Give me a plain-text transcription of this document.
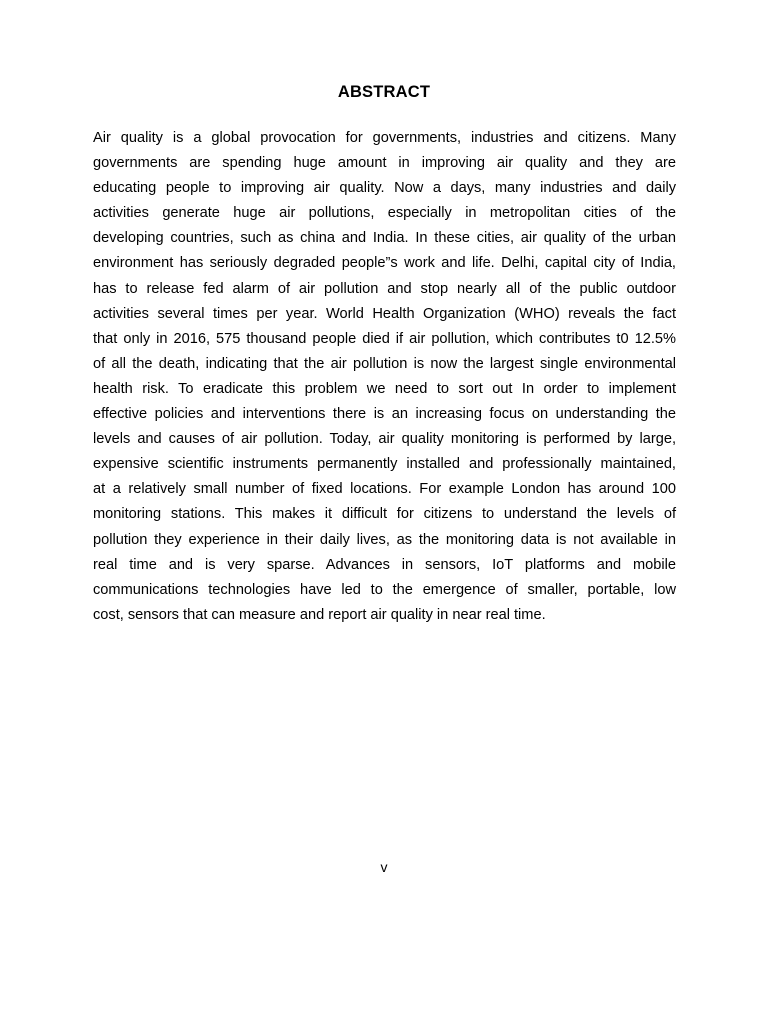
ABSTRACT
Air quality is a global provocation for governments, industries and citizens. Many
governments are spending huge amount in improving air quality and they are
educating people to improving air quality. Now a days, many industries and daily
activities generate huge air pollutions, especially in metropolitan cities of the
developing countries, such as china and India. In these cities, air quality of the urban
environment has seriously degraded people”s work and life. Delhi, capital city of India,
has to release fed alarm of air pollution and stop nearly all of the public outdoor
activities several times per year. World Health Organization (WHO) reveals the fact
that only in 2016, 575 thousand people died if air pollution, which contributes t0 12.5%
of all the death, indicating that the air pollution is now the largest single environmental
health risk. To eradicate this problem we need to sort out In order to implement
effective policies and interventions there is an increasing focus on understanding the
levels and causes of air pollution. Today, air quality monitoring is performed by large,
expensive scientific instruments permanently installed and professionally maintained,
at a relatively small number of fixed locations. For example London has around 100
monitoring stations. This makes it difficult for citizens to understand the levels of
pollution they experience in their daily lives, as the monitoring data is not available in
real time and is very sparse. Advances in sensors, IoT platforms and mobile
communications technologies have led to the emergence of smaller, portable, low
cost, sensors that can measure and report air quality in near real time.

v
